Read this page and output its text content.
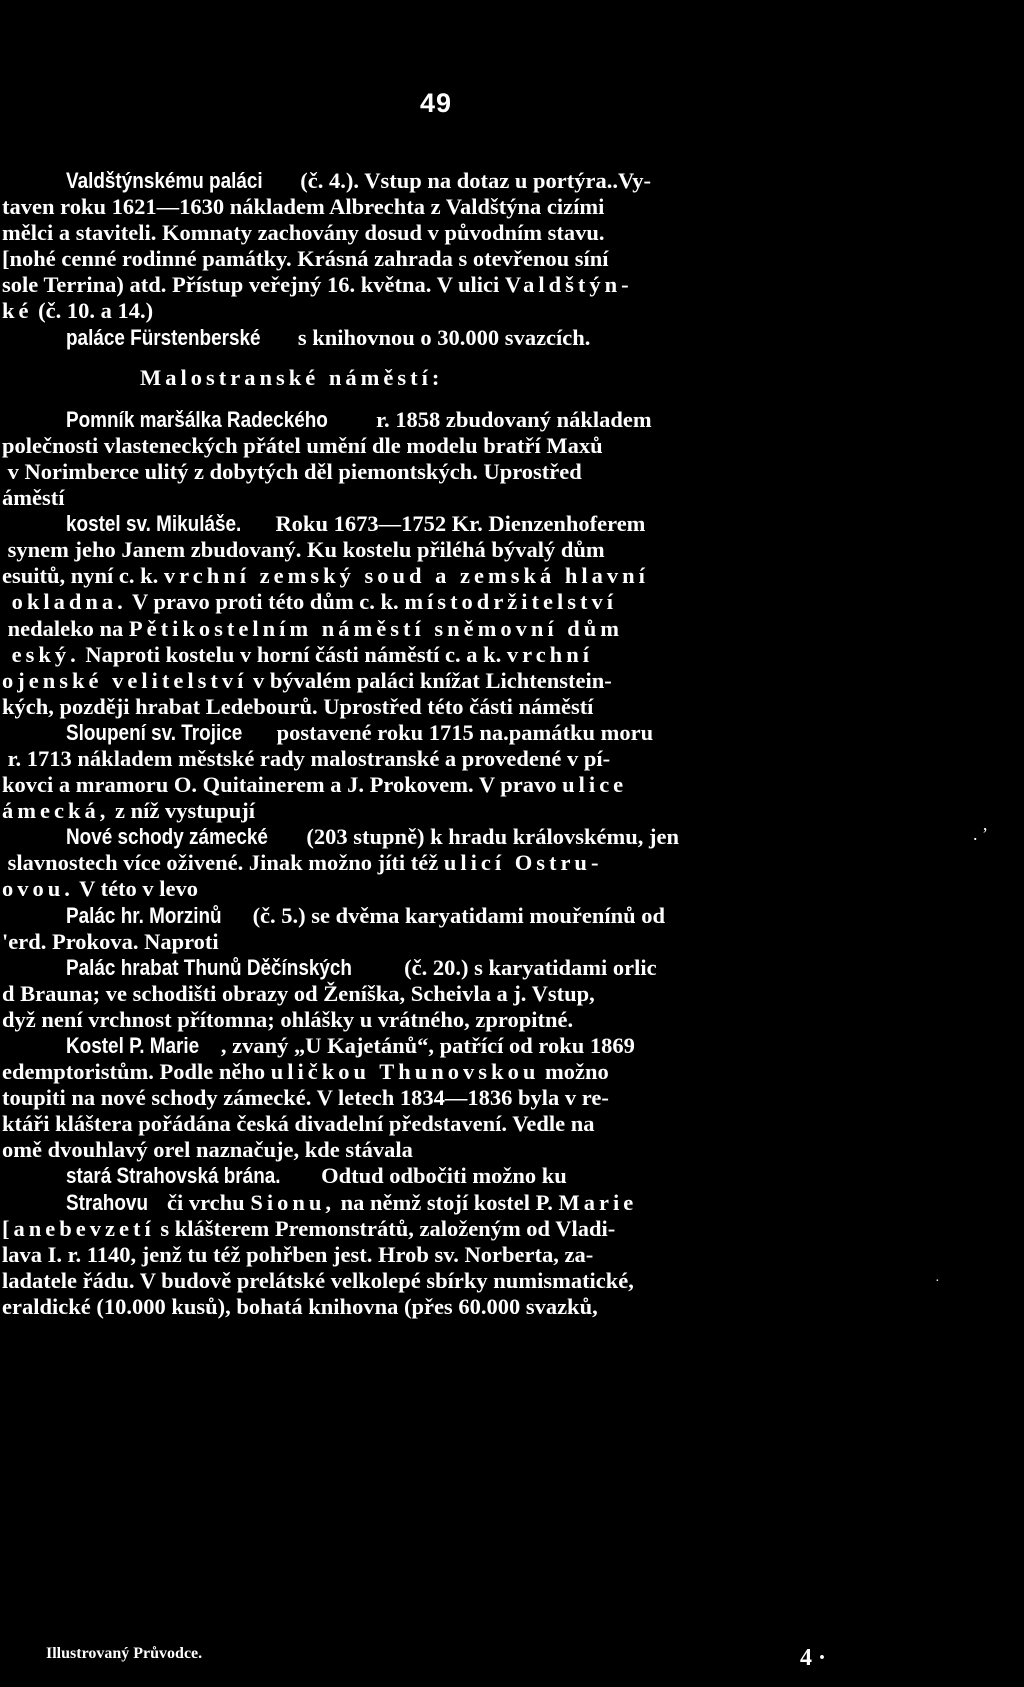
49
Valdštýnskému paláci (č. 4.). Vstup na dotaz u portýra..Vy-
taven roku 1621—1630 nákladem Albrechta z Valdštýna cizími
mělci a staviteli. Komnaty zachovány dosud v původním stavu.
[nohé cenné rodinné památky. Krásná zahrada s otevřenou síní
sole Terrina) atd. Přístup veřejný 16. května. V ulici Valdštýn-
ké (č. 10. a 14.)
paláce Fürstenberské s knihovnou o 30.000 svazcích.
Malostranské náměstí:
Pomník maršálka Radeckého r. 1858 zbudovaný nákladem
polečnosti vlasteneckých přátel umění dle modelu bratří Maxů
v Norimberce ulitý z dobytých děl piemontských. Uprostřed
áměstí
kostel sv. Mikuláše. Roku 1673—1752 Kr. Dienzenhoferem
synem jeho Janem zbudovaný. Ku kostelu přiléhá bývalý dům
esuitů, nyní c. k. vrchní zemský soud a zemská hlavní
okladna. V pravo proti této dům c. k. místodržitelství
nedaleko na Pětikostelním náměstí sněmovní dům
eský. Naproti kostelu v horní části náměstí c. a k. vrchní
ojenské velitelství v bývalém paláci knížat Lichtenstein-
kých, později hrabat Ledebourů. Uprostřed této části náměstí
Sloupení sv. Trojice postavené roku 1715 na.památku moru
r. 1713 nákladem městské rady malostranské a provedené v pí-
kovci a mramoru O. Quitainerem a J. Prokovem. V pravo ulice
ámecká, z níž vystupují
Nové schody zámecké (203 stupně) k hradu královskému, jen
slavnostech více oživené. Jinak možno jíti též ulicí Ostru-
ovou. V této v levo
Palác hr. Morzinů (č. 5.) se dvěma karyatidami mouřenínů od
'erd. Prokova. Naproti
Palác hrabat Thunů Děčínských (č. 20.) s karyatidami orlic
d Brauna; ve schodišti obrazy od Ženíška, Scheivla a j. Vstup,
dyž není vrchnost přítomna; ohlášky u vrátného, zpropitné.
Kostel P. Marie , zvaný „U Kajetánů“, patřící od roku 1869
edemptoristům. Podle něho uličkou Thunovskou možno
toupiti na nové schody zámecké. V letech 1834—1836 byla v re-
ktáři kláštera pořádána česká divadelní představení. Vedle na
omě dvouhlavý orel naznačuje, kde stávala
stará Strahovská brána. Odtud odbočiti možno ku
Strahovu či vrchu Sionu, na němž stojí kostel P. Marie
[anebevzetí s klášterem Premonstrátů, založeným od Vladi-
lava I. r. 1140, jenž tu též pohřben jest. Hrob sv. Norberta, za-
ladatele řádu. V budově prelátské velkolepé sbírky numismatické,
eraldické (10.000 kusů), bohatá knihovna (přes 60.000 svazků,
Illustrovaný Průvodce.	4 ·
. ʼ
·
